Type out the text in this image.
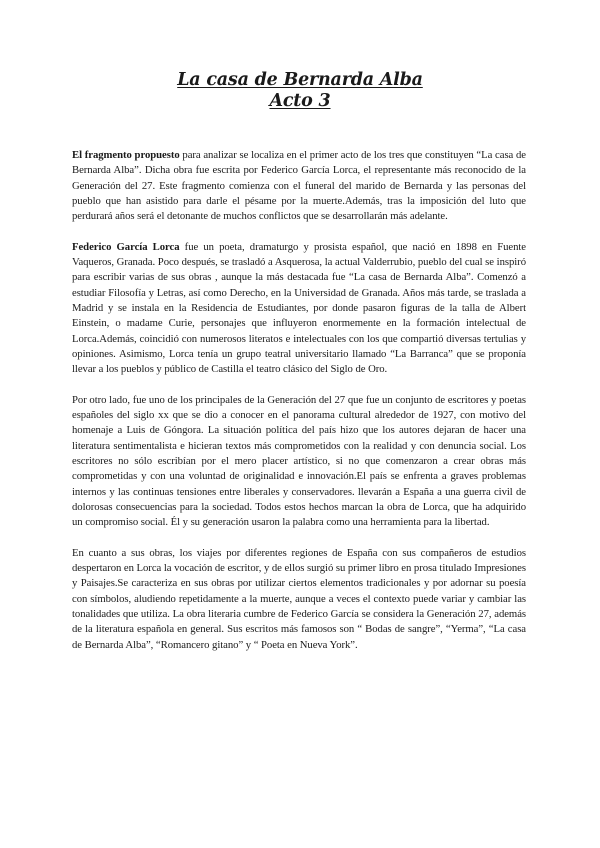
La casa de Bernarda Alba
Acto 3

El fragmento propuesto para analizar se localiza en el primer acto de los tres que constituyen “La casa de Bernarda Alba”. Dicha obra fue escrita por Federico García Lorca, el representante más reconocido de la Generación del 27. Este fragmento comienza con el funeral del marido de Bernarda y las personas del pueblo que han asistido para darle el pésame por la muerte.Además, tras la imposición del luto que perdurará años será el detonante de muchos conflictos que se desarrollarán más adelante.

Federico García Lorca fue un poeta, dramaturgo y prosista español, que nació en 1898 en Fuente Vaqueros, Granada. Poco después, se trasladó a Asquerosa, la actual Valderrubio, pueblo del cual se inspiró para escribir varias de sus obras , aunque la más destacada fue “La casa de Bernarda Alba”. Comenzó a estudiar Filosofía y Letras, así como Derecho, en la Universidad de Granada. Años más tarde, se traslada a Madrid y se instala en la Residencia de Estudiantes, por donde pasaron figuras de la talla de Albert Einstein, o madame Curie, personajes que influyeron enormemente en la formación intelectual de Lorca.Además, coincidió con numerosos literatos e intelectuales con los que compartió diversas tertulias y opiniones. Asimismo, Lorca tenía un grupo teatral universitario llamado “La Barranca” que se proponía llevar a los pueblos y público de Castilla el teatro clásico del Siglo de Oro.

Por otro lado, fue uno de los principales de la Generación del 27 que fue un conjunto de escritores y poetas españoles del siglo xx que se dio a conocer en el panorama cultural alrededor de 1927, con motivo del homenaje a Luis de Góngora. La situación política del país hizo que los autores dejaran de hacer una literatura sentimentalista e hicieran textos más comprometidos con la realidad y con denuncia social. Los escritores no sólo escribían por el mero placer artístico, si no que comenzaron a crear obras más comprometidas y con una voluntad de originalidad e innovación.El país se enfrenta a graves problemas internos y las continuas tensiones entre liberales y conservadores. llevarán a España a una guerra civil de dolorosas consecuencias para la sociedad. Todos estos hechos marcan la obra de Lorca, que ha adquirido un compromiso social. Él y su generación usaron la palabra como una herramienta para la libertad.

En cuanto a sus obras, los viajes por diferentes regiones de España con sus compañeros de estudios despertaron en Lorca la vocación de escritor, y de ellos surgió su primer libro en prosa titulado Impresiones y Paisajes.Se caracteriza en sus obras por utilizar ciertos elementos tradicionales y por adornar su poesía con símbolos, aludiendo repetidamente a la muerte, aunque a veces el contexto puede variar y cambiar las tonalidades que utiliza. La obra literaria cumbre de Federico García se considera la Generación 27, además de la literatura española en general. Sus escritos más famosos son “ Bodas de sangre”, “Yerma”, “La casa de Bernarda Alba”, “Romancero gitano” y “ Poeta en Nueva York”.
